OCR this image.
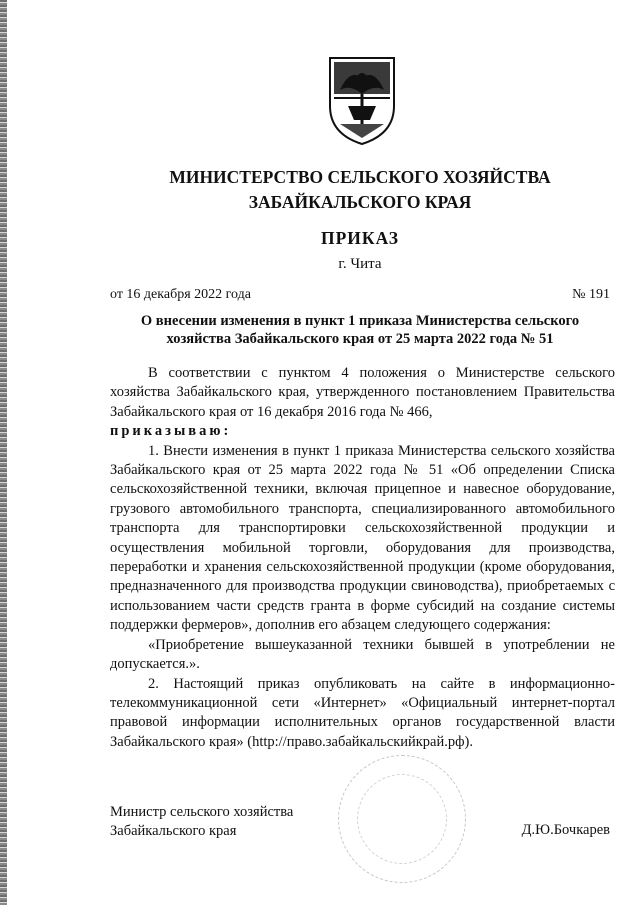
МИНИСТЕРСТВО СЕЛЬСКОГО ХОЗЯЙСТВА
ЗАБАЙКАЛЬСКОГО КРАЯ
ПРИКАЗ
г. Чита
от 16 декабря 2022 года	№ 191
О внесении изменения в пункт 1 приказа Министерства сельского хозяйства Забайкальского края от 25 марта 2022 года № 51

В соответствии с пунктом 4 положения о Министерстве сельского хозяйства Забайкальского края, утвержденного постановлением Правительства Забайкальского края от 16 декабря 2016 года № 466,
приказываю:

1. Внести изменения в пункт 1 приказа Министерства сельского хозяйства Забайкальского края от 25 марта 2022 года № 51 «Об определении Списка сельскохозяйственной техники, включая прицепное и навесное оборудование, грузового автомобильного транспорта, специализированного автомобильного транспорта для транспортировки сельскохозяйственной продукции и осуществления мобильной торговли, оборудования для производства, переработки и хранения сельскохозяйственной продукции (кроме оборудования, предназначенного для производства продукции свиноводства), приобретаемых с использованием части средств гранта в форме субсидий на создание системы поддержки фермеров», дополнив его абзацем следующего содержания:

«Приобретение вышеуказанной техники бывшей в употреблении не допускается.».

2. Настоящий приказ опубликовать на сайте в информационно-телекоммуникационной сети «Интернет» «Официальный интернет-портал правовой информации исполнительных органов государственной власти Забайкальского края» (http://право.забайкальскийкрай.рф).

Министр сельского хозяйства
Забайкальского края	Д.Ю.Бочкарев
